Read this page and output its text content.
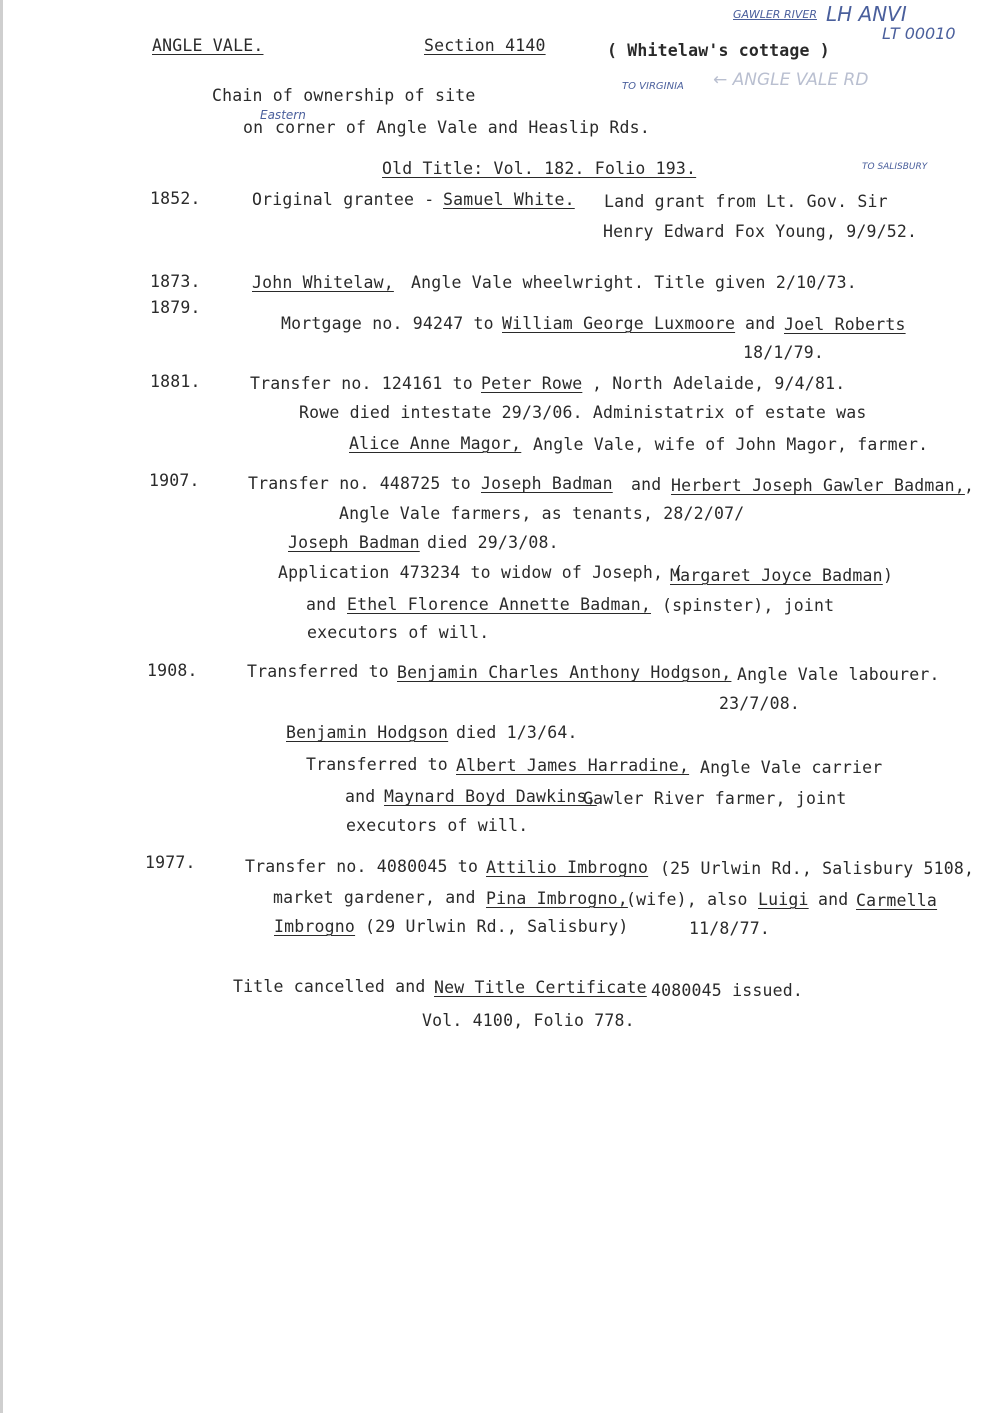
ANGLE VALE.	Section 4140	( Whitelaw's cottage )
GAWLER RIVER LH ANVI
LT 00010
TO VIRGINIA ← ANGLE VALE RD
TO SALISBURY
Eastern
Chain of ownership of site
on corner of Angle Vale and Heaslip Rds.
Old Title: Vol. 182. Folio 193.
1852.	Original grantee - Samuel White. Land grant from Lt. Gov. Sir
Henry Edward Fox Young, 9/9/52.
1873.	John Whitelaw, Angle Vale wheelwright. Title given 2/10/73.
1879.
Mortgage no. 94247 to William George Luxmoore and Joel Roberts
18/1/79.
1881.	Transfer no. 124161 to Peter Rowe , North Adelaide, 9/4/81.
Rowe died intestate 29/3/06. Administatrix of estate was
Alice Anne Magor, Angle Vale, wife of John Magor, farmer.
1907.	Transfer no. 448725 to Joseph Badman and Herbert Joseph Gawler Badman, ,
Angle Vale farmers, as tenants, 28/2/07/
Joseph Badman died 29/3/08.
Application 473234 to widow of Joseph, (
Margaret Joyce Badman )
and Ethel Florence Annette Badman, (spinster), joint
executors of will.
1908.	Transferred to Benjamin Charles Anthony Hodgson, Angle Vale labourer.
23/7/08.
Benjamin Hodgson died 1/3/64.
Transferred to Albert James Harradine, Angle Vale carrier
and Maynard Boyd Dawkins,
Gawler River farmer, joint
executors of will.
1977.	Transfer no. 4080045 to Attilio Imbrogno (25 Urlwin Rd., Salisbury 5108,
market gardener, and Pina Imbrogno,
(wife), also Luigi and Carmella
Imbrogno (29 Urlwin Rd., Salisbury)	11/8/77.
Title cancelled and New Title Certificate 4080045 issued.
Vol. 4100, Folio 778.
